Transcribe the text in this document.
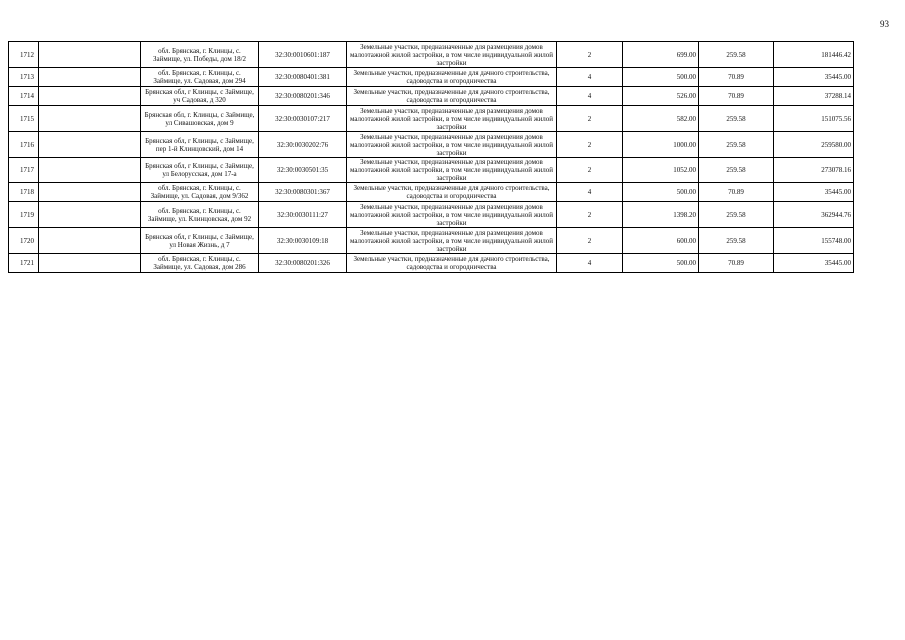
93
1712		обл. Брянская, г. Клинцы, с. Займище, ул. Победы, дом 18/2	32:30:0010601:187	Земельные участки, предназначенные для размещения домов малоэтажной жилой застройки, в том числе индивидуальной жилой застройки	2	699.00	259.58	181446.42
1713		обл. Брянская, г. Клинцы, с. Займище, ул. Садовая, дом 294	32:30:0080401:381	Земельные участки, предназначенные для дачного строительства, садоводства и огородничества	4	500.00	70.89	35445.00
1714		Брянская обл, г Клинцы, с Займище, уч Садовая, д 320	32:30:0080201:346	Земельные участки, предназначенные для дачного строительства, садоводства и огородничества	4	526.00	70.89	37288.14
1715		Брянская обл, г. Клинцы, с Займище, ул Сивашовская, дом 9	32:30:0030107:217	Земельные участки, предназначенные для размещения домов малоэтажной жилой застройки, в том числе индивидуальной жилой застройки	2	582.00	259.58	151075.56
1716		Брянская обл, г Клинцы, с Займище, пер 1-й Клинцовский, дом 14	32:30:0030202:76	Земельные участки, предназначенные для размещения домов малоэтажной жилой застройки, в том числе индивидуальной жилой застройки	2	1000.00	259.58	259580.00
1717		Брянская обл, г Клинцы, с Займище, ул Белорусская, дом 17-а	32:30:0030501:35	Земельные участки, предназначенные для размещения домов малоэтажной жилой застройки, в том числе индивидуальной жилой застройки	2	1052.00	259.58	273078.16
1718		обл. Брянская, г. Клинцы, с. Займище, ул. Садовая, дом 9/362	32:30:0080301:367	Земельные участки, предназначенные для дачного строительства, садоводства и огородничества	4	500.00	70.89	35445.00
1719		обл. Брянская, г. Клинцы, с. Займище, ул. Клинцовская, дом 92	32:30:0030111:27	Земельные участки, предназначенные для размещения домов малоэтажной жилой застройки, в том числе индивидуальной жилой застройки	2	1398.20	259.58	362944.76
1720		Брянская обл, г Клинцы, с Займище, ул Новая Жизнь, д 7	32:30:0030109:18	Земельные участки, предназначенные для размещения домов малоэтажной жилой застройки, в том числе индивидуальной жилой застройки	2	600.00	259.58	155748.00
1721		обл. Брянская, г. Клинцы, с. Займище, ул. Садовая, дом 286	32:30:0080201:326	Земельные участки, предназначенные для дачного строительства, садоводства и огородничества	4	500.00	70.89	35445.00
